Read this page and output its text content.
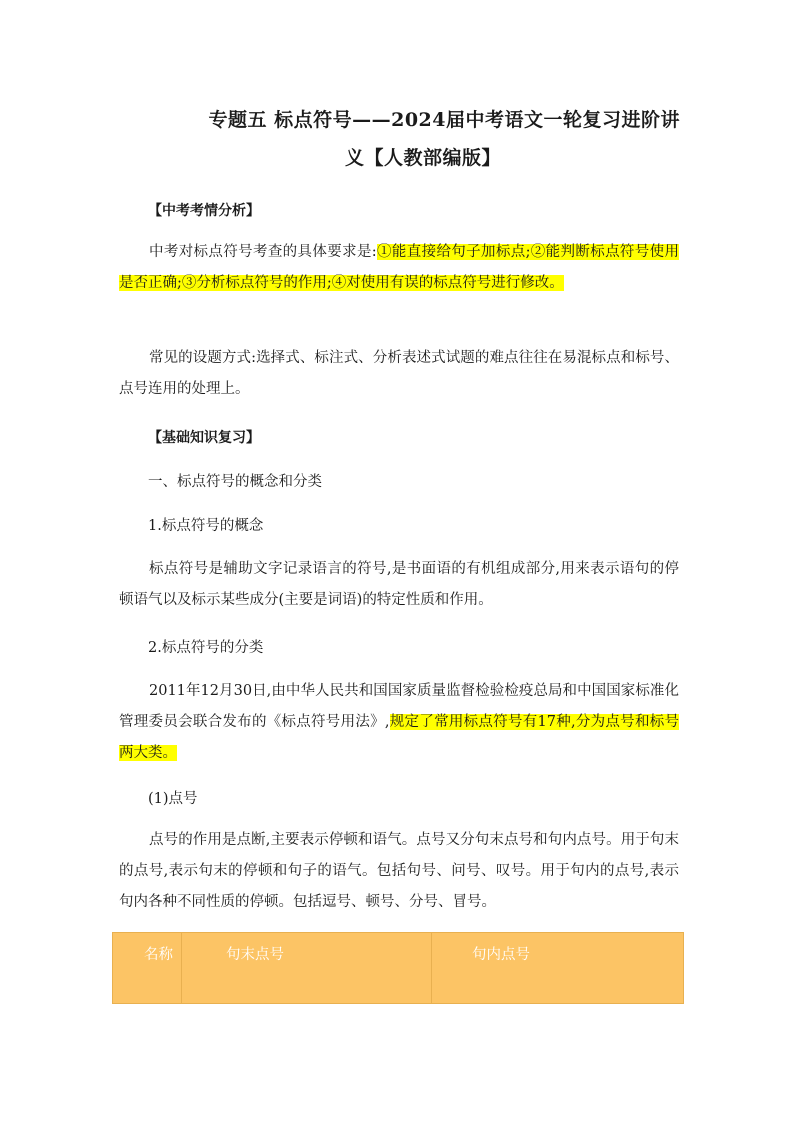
专题五 标点符号——2024届中考语文一轮复习进阶讲
义【人教部编版】
【中考考情分析】
中考对标点符号考查的具体要求是:①能直接给句子加标点;②能判断标点符号使用是否正确;③分析标点符号的作用;④对使用有误的标点符号进行修改。
常见的设题方式:选择式、标注式、分析表述式试题的难点往往在易混标点和标号、点号连用的处理上。
【基础知识复习】
一、标点符号的概念和分类
1.标点符号的概念
标点符号是辅助文字记录语言的符号,是书面语的有机组成部分,用来表示语句的停顿语气以及标示某些成分(主要是词语)的特定性质和作用。
2.标点符号的分类
2011年12月30日,由中华人民共和国国家质量监督检验检疫总局和中国国家标准化管理委员会联合发布的《标点符号用法》,规定了常用标点符号有17种,分为点号和标号两大类。
(1)点号
点号的作用是点断,主要表示停顿和语气。点号又分句末点号和句内点号。用于句末的点号,表示句末的停顿和句子的语气。包括句号、问号、叹号。用于句内的点号,表示句内各种不同性质的停顿。包括逗号、顿号、分号、冒号。
名称	句末点号	句内点号
